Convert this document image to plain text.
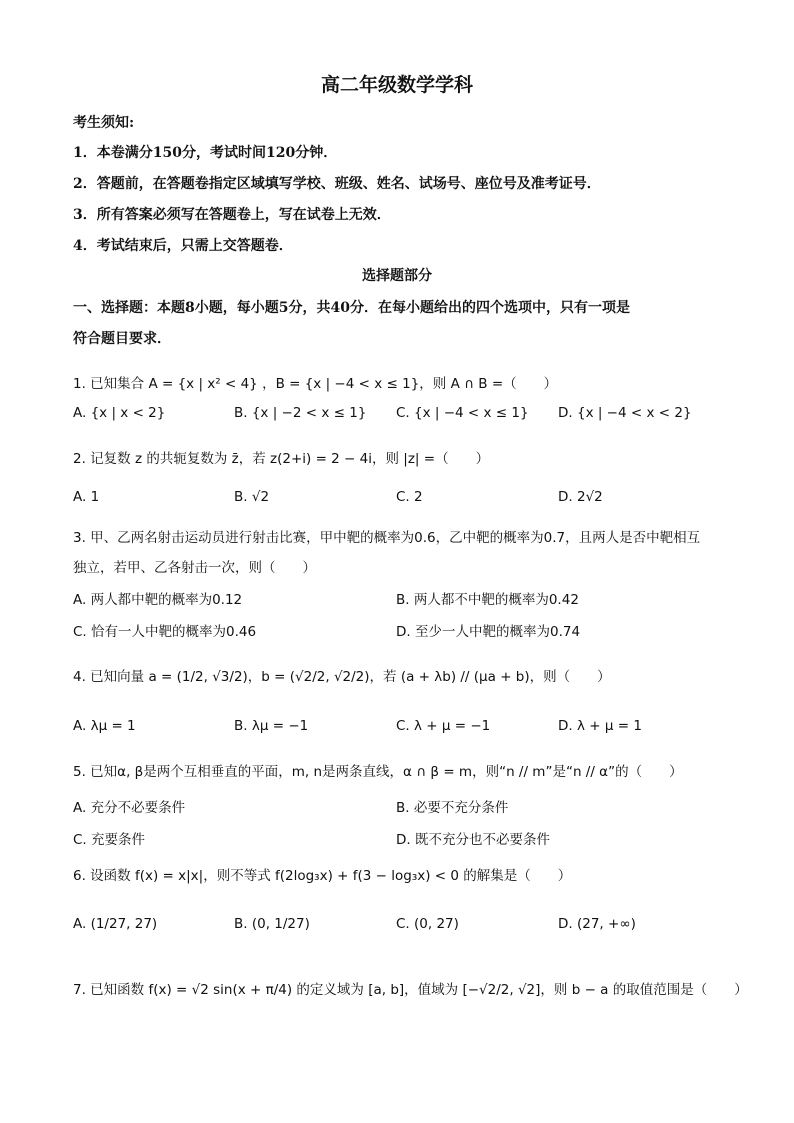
高二年级数学学科
考生须知:
1．本卷满分150分，考试时间120分钟．
2．答题前，在答题卷指定区域填写学校、班级、姓名、试场号、座位号及准考证号．
3．所有答案必须写在答题卷上，写在试卷上无效．
4．考试结束后，只需上交答题卷．
选择题部分
一、选择题：本题8小题，每小题5分，共40分．在每小题给出的四个选项中，只有一项是
符合题目要求．
1. 已知集合 A = {x | x² < 4} ，B = {x | −4 < x ≤ 1}，则 A ∩ B =（　　）
A. {x | x < 2}	B. {x | −2 < x ≤ 1} C. {x | −4 < x ≤ 1} D. {x | −4 < x < 2}
2. 记复数 z 的共轭复数为 z̄，若 z(2+i) = 2 − 4i，则 |z| =（　　）
A. 1	B. √2	C. 2	D. 2√2
3. 甲、乙两名射击运动员进行射击比赛，甲中靶的概率为0.6，乙中靶的概率为0.7，且两人是否中靶相互
独立，若甲、乙各射击一次，则（　　）
A. 两人都中靶的概率为0.12	B. 两人都不中靶的概率为0.42
C. 恰有一人中靶的概率为0.46	D. 至少一人中靶的概率为0.74
4. 已知向量 a = (1/2, √3/2)，b = (√2/2, √2/2)，若 (a + λb) // (μa + b)，则（　　）
A. λμ = 1	B. λμ = −1	C. λ + μ = −1	D. λ + μ = 1
5. 已知α, β是两个互相垂直的平面，m, n是两条直线，α ∩ β = m，则“n // m”是“n // α”的（　　）
A. 充分不必要条件	B. 必要不充分条件
C. 充要条件	D. 既不充分也不必要条件
6. 设函数 f(x) = x|x|，则不等式 f(2log₃x) + f(3 − log₃x) < 0 的解集是（　　）
A. (1/27, 27)	B. (0, 1/27)	C. (0, 27)	D. (27, +∞)
7. 已知函数 f(x) = √2 sin(x + π/4) 的定义域为 [a, b]，值域为 [−√2/2, √2]，则 b − a 的取值范围是（　　）
